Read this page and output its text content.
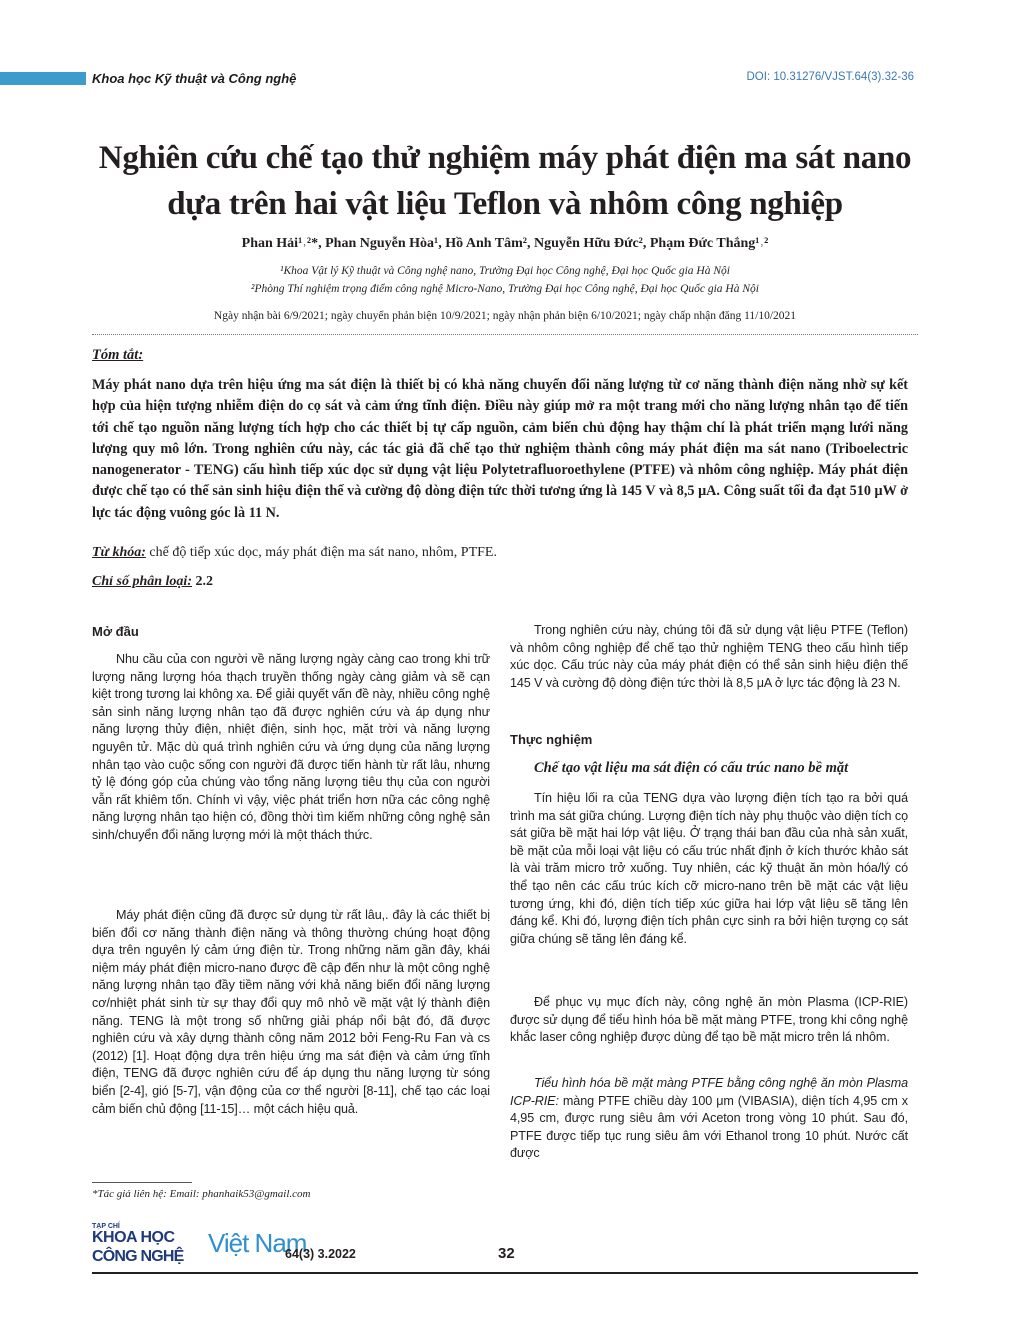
Khoa học Kỹ thuật và Công nghệ	DOI: 10.31276/VJST.64(3).32-36
Nghiên cứu chế tạo thử nghiệm máy phát điện ma sát nano
dựa trên hai vật liệu Teflon và nhôm công nghiệp
Phan Hải¹˒²*, Phan Nguyễn Hòa¹, Hồ Anh Tâm², Nguyễn Hữu Đức², Phạm Đức Thắng¹˒²
¹Khoa Vật lý Kỹ thuật và Công nghệ nano, Trường Đại học Công nghệ, Đại học Quốc gia Hà Nội
²Phòng Thí nghiệm trọng điểm công nghệ Micro-Nano, Trường Đại học Công nghệ, Đại học Quốc gia Hà Nội
Ngày nhận bài 6/9/2021; ngày chuyển phản biện 10/9/2021; ngày nhận phản biện 6/10/2021; ngày chấp nhận đăng 11/10/2021
Tóm tắt:
Máy phát nano dựa trên hiệu ứng ma sát điện là thiết bị có khả năng chuyển đổi năng lượng từ cơ năng thành điện năng nhờ sự kết hợp của hiện tượng nhiễm điện do cọ sát và cảm ứng tĩnh điện. Điều này giúp mở ra một trang mới cho năng lượng nhân tạo để tiến tới chế tạo nguồn năng lượng tích hợp cho các thiết bị tự cấp nguồn, cảm biến chủ động hay thậm chí là phát triển mạng lưới năng lượng quy mô lớn. Trong nghiên cứu này, các tác giả đã chế tạo thử nghiệm thành công máy phát điện ma sát nano (Triboelectric nanogenerator - TENG) cấu hình tiếp xúc dọc sử dụng vật liệu Polytetrafluoroethylene (PTFE) và nhôm công nghiệp. Máy phát điện được chế tạo có thể sản sinh hiệu điện thế và cường độ dòng điện tức thời tương ứng là 145 V và 8,5 μA. Công suất tối đa đạt 510 μW ở lực tác động vuông góc là 11 N.
Từ khóa: chế độ tiếp xúc dọc, máy phát điện ma sát nano, nhôm, PTFE.
Chỉ số phân loại: 2.2
Mở đầu

Nhu cầu của con người về năng lượng ngày càng cao trong khi trữ lượng năng lượng hóa thạch truyền thống ngày càng giảm và sẽ cạn kiệt trong tương lai không xa. Để giải quyết vấn đề này, nhiều công nghệ sản sinh năng lượng nhân tạo đã được nghiên cứu và áp dụng như năng lượng thủy điện, nhiệt điện, sinh học, mặt trời và năng lượng nguyên tử. Mặc dù quá trình nghiên cứu và ứng dụng của năng lượng nhân tạo vào cuộc sống con người đã được tiến hành từ rất lâu, nhưng tỷ lệ đóng góp của chúng vào tổng năng lượng tiêu thụ của con người vẫn rất khiêm tốn. Chính vì vậy, việc phát triển hơn nữa các công nghệ năng lượng nhân tạo hiện có, đồng thời tìm kiếm những công nghệ sản sinh/chuyển đổi năng lượng mới là một thách thức.

Máy phát điện cũng đã được sử dụng từ rất lâu,. đây là các thiết bị biến đổi cơ năng thành điện năng và thông thường chúng hoạt động dựa trên nguyên lý cảm ứng điện từ. Trong những năm gần đây, khái niệm máy phát điện micro-nano được đề cập đến như là một công nghệ năng lượng nhân tạo đầy tiềm năng với khả năng biến đổi năng lượng cơ/nhiệt phát sinh từ sự thay đổi quy mô nhỏ về mặt vật lý thành điện năng. TENG là một trong số những giải pháp nổi bật đó, đã được nghiên cứu và xây dựng thành công năm 2012 bởi Feng-Ru Fan và cs (2012) [1]. Hoạt động dựa trên hiệu ứng ma sát điện và cảm ứng tĩnh điện, TENG đã được nghiên cứu để áp dụng thu năng lượng từ sóng biển [2-4], gió [5-7], vận động của cơ thể người [8-11], chế tạo các loại cảm biến chủ động [11-15]… một cách hiệu quả.

*Tác giả liên hệ: Email: phanhaik53@gmail.com

Trong nghiên cứu này, chúng tôi đã sử dụng vật liệu PTFE (Teflon) và nhôm công nghiệp để chế tạo thử nghiệm TENG theo cấu hình tiếp xúc dọc. Cấu trúc này của máy phát điện có thể sản sinh hiệu điện thế 145 V và cường độ dòng điện tức thời là 8,5 μA ở lực tác động là 23 N.

Thực nghiệm
Chế tạo vật liệu ma sát điện có cấu trúc nano bề mặt

Tín hiệu lối ra của TENG dựa vào lượng điện tích tạo ra bởi quá trình ma sát giữa chúng. Lượng điện tích này phụ thuộc vào diện tích cọ sát giữa bề mặt hai lớp vật liệu. Ở trạng thái ban đầu của nhà sản xuất, bề mặt của mỗi loại vật liệu có cấu trúc nhất định ở kích thước khảo sát là vài trăm micro trở xuống. Tuy nhiên, các kỹ thuật ăn mòn hóa/lý có thể tạo nên các cấu trúc kích cỡ micro-nano trên bề mặt các vật liệu tương ứng, khi đó, diện tích tiếp xúc giữa hai lớp vật liệu sẽ tăng lên đáng kể. Khi đó, lượng điện tích phân cực sinh ra bởi hiện tượng cọ sát giữa chúng sẽ tăng lên đáng kể.

Để phục vụ mục đích này, công nghệ ăn mòn Plasma (ICP-RIE) được sử dụng để tiểu hình hóa bề mặt màng PTFE, trong khi công nghệ khắc laser công nghiệp được dùng để tạo bề mặt micro trên lá nhôm.

Tiểu hình hóa bề mặt màng PTFE bằng công nghệ ăn mòn Plasma ICP-RIE: màng PTFE chiều dày 100 μm (VIBASIA), diện tích 4,95 cm x 4,95 cm, được rung siêu âm với Aceton trong vòng 10 phút. Sau đó, PTFE được tiếp tục rung siêu âm với Ethanol trong 10 phút. Nước cất được

TẠP CHÍ
KHOA HỌC
CÔNG NGHỆ Việt Nam
64(3) 3.2022	32
